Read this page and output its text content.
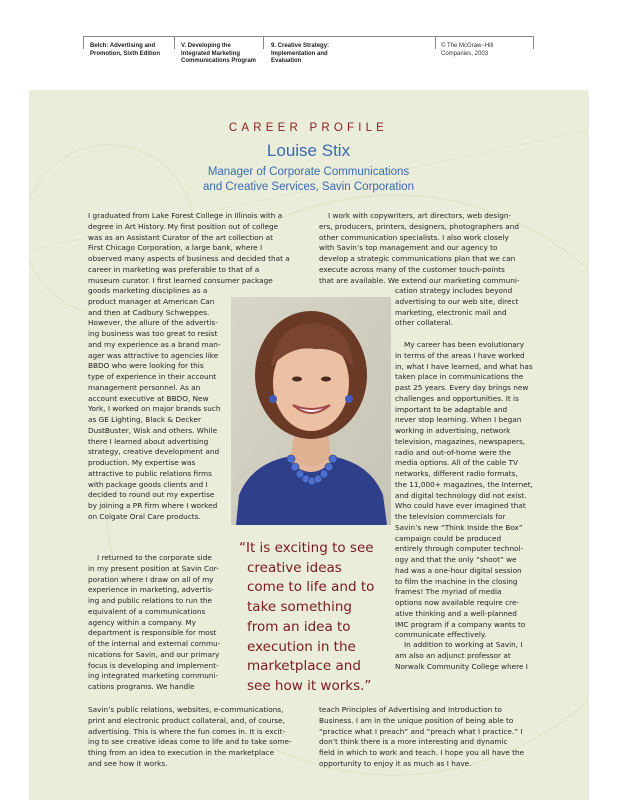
Belch: Advertising and
Promotion, Sixth Edition
V. Developing the
Integrated Marketing
Communications Program
9. Creative Strategy:
Implementation and
Evaluation
© The McGraw−Hill
Companies, 2003
CAREER PROFILE
Louise Stix
Manager of Corporate Communications
and Creative Services, Savin Corporation
I graduated from Lake Forest College in Illinois with a
degree in Art History. My first position out of college
was as an Assistant Curator of the art collection at
First Chicago Corporation, a large bank, where I
observed many aspects of business and decided that a
career in marketing was preferable to that of a
museum curator. I first learned consumer package
goods marketing disciplines as a
product manager at American Can
and then at Cadbury Schweppes.
However, the allure of the advertis-
ing business was too great to resist
and my experience as a brand man-
ager was attractive to agencies like
BBDO who were looking for this
type of experience in their account
management personnel. As an
account executive at BBDO, New
York, I worked on major brands such
as GE Lighting, Black & Decker
DustBuster, Wisk and others. While
there I learned about advertising
strategy, creative development and
production. My expertise was
attractive to public relations firms
with package goods clients and I
decided to round out my expertise
by joining a PR firm where I worked
on Colgate Oral Care products.
I returned to the corporate side
in my present position at Savin Cor-
poration where I draw on all of my
experience in marketing, advertis-
ing and public relations to run the
equivalent of a communications
agency within a company. My
department is responsible for most
of the internal and external commu-
nications for Savin, and our primary
focus is developing and implement-
ing integrated marketing communi-
cations programs. We handle
Savin’s public relations, websites, e-communications,
print and electronic product collateral, and, of course,
advertising. This is where the fun comes in. It is excit-
ing to see creative ideas come to life and to take some-
thing from an idea to execution in the marketplace
and see how it works.
I work with copywriters, art directors, web design-
ers, producers, printers, designers, photographers and
other communication specialists. I also work closely
with Savin’s top management and our agency to
develop a strategic communications plan that we can
execute across many of the customer touch-points
that are available. We extend our marketing communi-
cation strategy includes beyond
advertising to our web site, direct
marketing, electronic mail and
other collateral.
My career has been evolutionary
in terms of the areas I have worked
in, what I have learned, and what has
taken place in communications the
past 25 years. Every day brings new
challenges and opportunities. It is
important to be adaptable and
never stop learning. When I began
working in advertising, network
television, magazines, newspapers,
radio and out-of-home were the
media options. All of the cable TV
networks, different radio formats,
the 11,000+ magazines, the Internet,
and digital technology did not exist.
Who could have ever imagined that
the television commercials for
Savin’s new “Think Inside the Box”
campaign could be produced
entirely through computer technol-
ogy and that the only “shoot” we
had was a one-hour digital session
to film the machine in the closing
frames! The myriad of media
options now available require cre-
ative thinking and a well-planned
IMC program if a company wants to
communicate effectively.
In addition to working at Savin, I
am also an adjunct professor at
Norwalk Community College where I
teach Principles of Advertising and Introduction to
Business. I am in the unique position of being able to
“practice what I preach” and “preach what I practice.” I
don’t think there is a more interesting and dynamic
field in which to work and teach. I hope you all have the
opportunity to enjoy it as much as I have.
“It is exciting to see
creative ideas
come to life and to
take something
from an idea to
execution in the
marketplace and
see how it works.”
